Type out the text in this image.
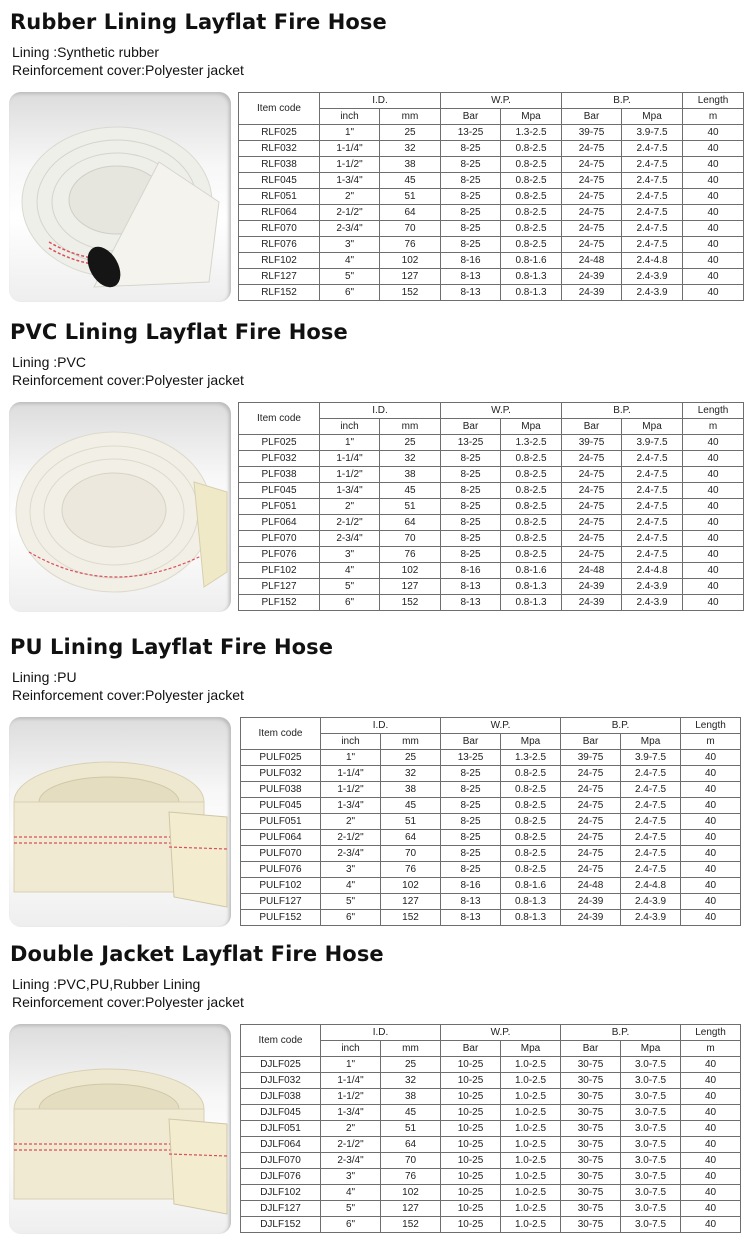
Rubber Lining Layflat Fire Hose
Lining :Synthetic rubber
Reinforcement cover:Polyester jacket
Item code	I.D.		W.P.		B.P.		Length
	inch	mm	Bar	Mpa	Bar	Mpa	m
RLF025	1"	25	13-25	1.3-2.5	39-75	3.9-7.5	40
RLF032	1-1/4"	32	8-25	0.8-2.5	24-75	2.4-7.5	40
RLF038	1-1/2"	38	8-25	0.8-2.5	24-75	2.4-7.5	40
RLF045	1-3/4"	45	8-25	0.8-2.5	24-75	2.4-7.5	40
RLF051	2"	51	8-25	0.8-2.5	24-75	2.4-7.5	40
RLF064	2-1/2"	64	8-25	0.8-2.5	24-75	2.4-7.5	40
RLF070	2-3/4"	70	8-25	0.8-2.5	24-75	2.4-7.5	40
RLF076	3"	76	8-25	0.8-2.5	24-75	2.4-7.5	40
RLF102	4"	102	8-16	0.8-1.6	24-48	2.4-4.8	40
RLF127	5"	127	8-13	0.8-1.3	24-39	2.4-3.9	40
RLF152	6"	152	8-13	0.8-1.3	24-39	2.4-3.9	40
PVC Lining Layflat Fire Hose
Lining :PVC
Reinforcement cover:Polyester jacket
Item code	I.D.		W.P.		B.P.		Length
	inch	mm	Bar	Mpa	Bar	Mpa	m
PLF025	1"	25	13-25	1.3-2.5	39-75	3.9-7.5	40
PLF032	1-1/4"	32	8-25	0.8-2.5	24-75	2.4-7.5	40
PLF038	1-1/2"	38	8-25	0.8-2.5	24-75	2.4-7.5	40
PLF045	1-3/4"	45	8-25	0.8-2.5	24-75	2.4-7.5	40
PLF051	2"	51	8-25	0.8-2.5	24-75	2.4-7.5	40
PLF064	2-1/2"	64	8-25	0.8-2.5	24-75	2.4-7.5	40
PLF070	2-3/4"	70	8-25	0.8-2.5	24-75	2.4-7.5	40
PLF076	3"	76	8-25	0.8-2.5	24-75	2.4-7.5	40
PLF102	4"	102	8-16	0.8-1.6	24-48	2.4-4.8	40
PLF127	5"	127	8-13	0.8-1.3	24-39	2.4-3.9	40
PLF152	6"	152	8-13	0.8-1.3	24-39	2.4-3.9	40
PU Lining Layflat Fire Hose
Lining :PU
Reinforcement cover:Polyester jacket
Item code	I.D.		W.P.		B.P.		Length
	inch	mm	Bar	Mpa	Bar	Mpa	m
PULF025	1"	25	13-25	1.3-2.5	39-75	3.9-7.5	40
PULF032	1-1/4"	32	8-25	0.8-2.5	24-75	2.4-7.5	40
PULF038	1-1/2"	38	8-25	0.8-2.5	24-75	2.4-7.5	40
PULF045	1-3/4"	45	8-25	0.8-2.5	24-75	2.4-7.5	40
PULF051	2"	51	8-25	0.8-2.5	24-75	2.4-7.5	40
PULF064	2-1/2"	64	8-25	0.8-2.5	24-75	2.4-7.5	40
PULF070	2-3/4"	70	8-25	0.8-2.5	24-75	2.4-7.5	40
PULF076	3"	76	8-25	0.8-2.5	24-75	2.4-7.5	40
PULF102	4"	102	8-16	0.8-1.6	24-48	2.4-4.8	40
PULF127	5"	127	8-13	0.8-1.3	24-39	2.4-3.9	40
PULF152	6"	152	8-13	0.8-1.3	24-39	2.4-3.9	40
Double Jacket Layflat Fire Hose
Lining :PVC,PU,Rubber Lining
Reinforcement cover:Polyester jacket
Item code	I.D.		W.P.		B.P.		Length
	inch	mm	Bar	Mpa	Bar	Mpa	m
DJLF025	1"	25	10-25	1.0-2.5	30-75	3.0-7.5	40
DJLF032	1-1/4"	32	10-25	1.0-2.5	30-75	3.0-7.5	40
DJLF038	1-1/2"	38	10-25	1.0-2.5	30-75	3.0-7.5	40
DJLF045	1-3/4"	45	10-25	1.0-2.5	30-75	3.0-7.5	40
DJLF051	2"	51	10-25	1.0-2.5	30-75	3.0-7.5	40
DJLF064	2-1/2"	64	10-25	1.0-2.5	30-75	3.0-7.5	40
DJLF070	2-3/4"	70	10-25	1.0-2.5	30-75	3.0-7.5	40
DJLF076	3"	76	10-25	1.0-2.5	30-75	3.0-7.5	40
DJLF102	4"	102	10-25	1.0-2.5	30-75	3.0-7.5	40
DJLF127	5"	127	10-25	1.0-2.5	30-75	3.0-7.5	40
DJLF152	6"	152	10-25	1.0-2.5	30-75	3.0-7.5	40
